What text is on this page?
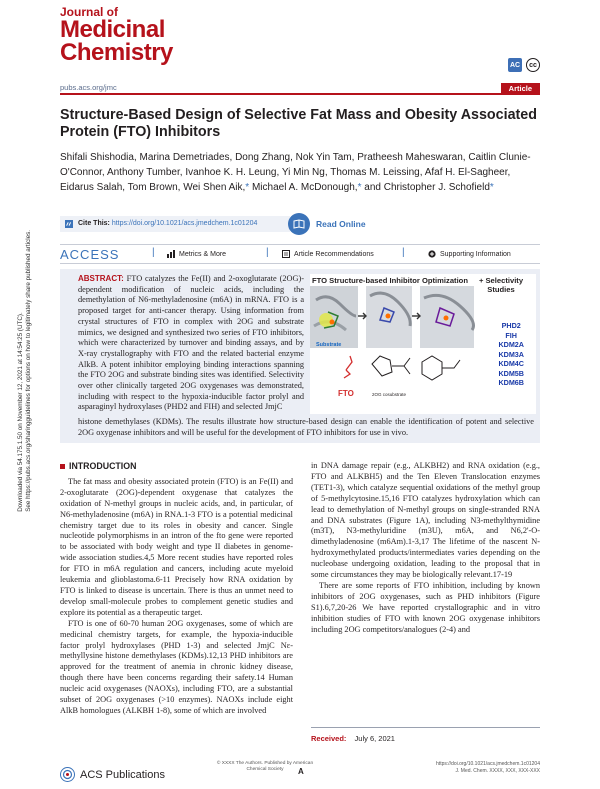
Journal of
Medicinal
Chemistry	AC	cc
pubs.acs.org/jmc	Article
Downloaded via 54.175.1.50 on November 12, 2021 at 14:54:25 (UTC). See https://pubs.acs.org/sharingguidelines for options on how to legitimately share published articles.
Structure-Based Design of Selective Fat Mass and Obesity Associated Protein (FTO) Inhibitors
Shifali Shishodia, Marina Demetriades, Dong Zhang, Nok Yin Tam, Pratheesh Maheswaran, Caitlin Clunie-O'Connor, Anthony Tumber, Ivanhoe K. H. Leung, Yi Min Ng, Thomas M. Leissing, Afaf H. El-Sagheer, Eidarus Salah, Tom Brown, Wei Shen Aik,* Michael A. McDonough,* and Christopher J. Schofield*
Cite This: https://doi.org/10.1021/acs.jmedchem.1c01204	Read Online
ACCESS	|	Metrics & More	|	Article Recommendations	|	Supporting Information
ABSTRACT: FTO catalyzes the Fe(II) and 2-oxoglutarate (2OG)-dependent modification of nucleic acids, including the demethylation of N6-methyladenosine (m6A) in mRNA. FTO is a proposed target for anti-cancer therapy. Using information from crystal structures of FTO in complex with 2OG and substrate mimics, we designed and synthesized two series of FTO inhibitors, which were characterized by turnover and binding assays, and by X-ray crystallography with FTO and the related bacterial enzyme AlkB. A potent inhibitor employing binding interactions spanning the FTO 2OG and substrate binding sites was identified. Selectivity over other clinically targeted 2OG oxygenases was demonstrated, including with respect to the hypoxia-inducible factor prolyl and asparaginyl hydroxylases (PHD2 and FIH) and selected JmjC
FTO Structure-based Inhibitor Optimization	+ Selectivity Studies
Substrate
FTO	2OG cosubstrate
PHD2
FIH
KDM2A
KDM3A
KDM4C
KDM5B
KDM6B
histone demethylases (KDMs). The results illustrate how structure-based design can enable the identification of potent and selective 2OG oxygenase inhibitors and will be useful for the development of FTO inhibitors for use in vivo.
INTRODUCTION

The fat mass and obesity associated protein (FTO) is an Fe(II) and 2-oxoglutarate (2OG)-dependent oxygenase that catalyzes the oxidation of N-methyl groups in nucleic acids, and, in particular, of N6-methyladenosine (m6A) in RNA.1-3 FTO is a potential medicinal chemistry target due to its roles in obesity and cancer. Single nucleotide polymorphisms in an intron of the fto gene were reported to be associated with body weight and type II diabetes in genome-wide association studies.4,5 More recent studies have reported roles for FTO in m6A regulation and cancers, including acute myeloid leukemia and glioblastoma.6-11 Precisely how RNA oxidation by FTO is linked to disease is uncertain. There is thus an unmet need to develop small-molecule probes to complement genetic studies and explore its potential as a therapeutic target.

FTO is one of 60-70 human 2OG oxygenases, some of which are medicinal chemistry targets, for example, the hypoxia-inducible factor prolyl hydroxylases (PHD 1-3) and selected JmjC Nε-methyllysine histone demethylases (KDMs).12,13 PHD inhibitors are approved for the treatment of anemia in chronic kidney disease, though there have been concerns regarding their safety.14 Human nucleic acid oxygenases (NAOXs), including FTO, are a substantial subset of 2OG oxygenases (>10 enzymes). NAOXs include eight AlkB homologues (ALKBH 1-8), some of which are involved

in DNA damage repair (e.g., ALKBH2) and RNA oxidation (e.g., FTO and ALKBH5) and the Ten Eleven Translocation enzymes (TET1-3), which catalyze sequential oxidations of the methyl group of 5-methylcytosine.15,16 FTO catalyzes hydroxylation which can lead to demethylation of N-methyl groups on single-stranded RNA and DNA substrates (Figure 1A), including N3-methylthymidine (m3T), N3-methyluridine (m3U), m6A, and N6,2'-O-dimethyladenosine (m6Am).1-3,17 The lifetime of the nascent N-hydroxymethylated products/intermediates varies depending on the nucleobase undergoing oxidation, leading to the proposal that in some circumstances they may be biologically relevant.17-19

There are some reports of FTO inhibition, including by known inhibitors of 2OG oxygenases, such as PHD inhibitors (Figure S1).6,7,20-26 We have reported crystallographic and in vitro inhibition studies of FTO with known 2OG oxygenase inhibitors including 2OG competitors/analogues (2-4) and

Received: July 6, 2021
ACS Publications
© XXXX The Authors. Published by American Chemical Society	A
https://doi.org/10.1021/acs.jmedchem.1c01204
J. Med. Chem. XXXX, XXX, XXX-XXX
